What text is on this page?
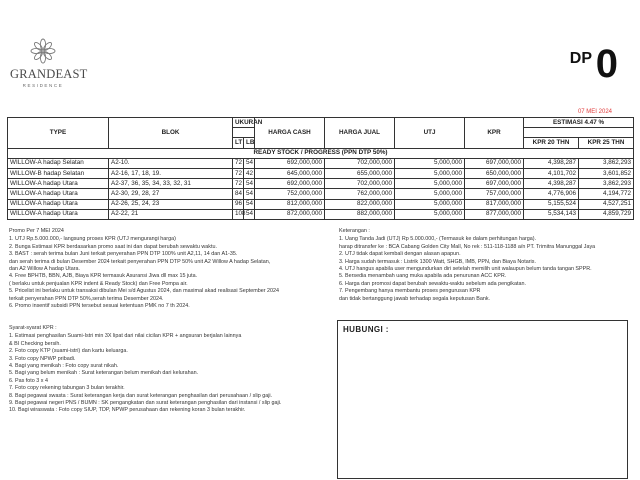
GRANDEAST
RESIDENCE
DP 0
07 MEI 2024
TYPE	BLOK	UKURAN		HARGA CASH	HARGA JUAL	UTJ	KPR	ESTIMASI 4.47 %	

		LT	LB					KPR 20 THN	KPR 25 THN
READY STOCK / PROGRESS (PPN DTP 50%)									
WILLOW-A hadap Selatan	A2-10.	72	54	692,000,000	702,000,000	5,000,000	697,000,000	4,398,287	3,862,293
WILLOW-B hadap Selatan	A2-16, 17, 18, 19.	72	42	645,000,000	655,000,000	5,000,000	650,000,000	4,101,702	3,601,852
WILLOW-A hadap Utara	A2-37, 36, 35, 34, 33, 32, 31	72	54	692,000,000	702,000,000	5,000,000	697,000,000	4,398,287	3,862,293
WILLOW-A hadap Utara	A2-30, 29, 28, 27	84	54	752,000,000	762,000,000	5,000,000	757,000,000	4,776,906	4,194,772
WILLOW-A hadap Utara	A2-26, 25, 24, 23	96	54	812,000,000	822,000,000	5,000,000	817,000,000	5,155,524	4,527,251
WILLOW-A hadap Utara	A2-22, 21	108	54	872,000,000	882,000,000	5,000,000	877,000,000	5,534,143	4,859,729
Promo Per 7 MEI 2024
1. UTJ Rp.5.000.000,- langsung proses KPR (UTJ mengurangi harga)
2. Bunga Estimasi KPR berdasarkan promo saat ini dan dapat berubah sewaktu waktu.
3. BAST : serah terima bulan Juni terkait penyerahan PPN DTP 100% unit A2,11, 14 dan A1-35.
dan serah terima di bulan Desember 2024 terkait penyerahan PPN DTP 50% unit A2 Willow A hadap Selatan,
dan A2 Willow A hadap Utara.
4. Free BPHTB, BBN, AJB, Biaya KPR termasuk Asuransi Jiwa dll max 15 juta.
( berlaku untuk penjualan KPR indent & Ready Stock) dan Free Pompa air.
5. Pricelist ini berlaku untuk transaksi dibulan Mei s/d Agustus 2024, dan maximal akad realisasi September 2024
terkait penyerahan PPN DTP 50%,serah terima Desember 2024.
6. Promo insentif subsidi PPN tersebut sesuai ketentuan PMK no 7 th 2024.
Syarat-syarat KPR :
1. Estimasi penghasilan Suami-Istri min 3X lipat dari nilai cicilan KPR + angsuran berjalan lainnya
& BI Checking bersih.
2. Foto copy KTP (suami-istri) dan kartu keluarga.
3. Foto copy NPWP pribadi.
4. Bagi yang menikah : Foto copy surat nikah.
5. Bagi yang belum menikah : Surat keterangan belum menikah dari kelurahan.
6. Pas foto 3 x 4
7. Foto copy rekening tabungan 3 bulan terakhir.
8. Bagi pegawai swasta : Surat keterangan kerja dan surat keterangan penghasilan dari perusahaan / slip gaji.
9. Bagi pegawai negeri PNS / BUMN : SK pengangkatan dan surat keterangan penghasilan dari instansi / slip gaji.
10. Bagi wiraswata : Foto copy SIUP, TDP, NPWP perusahaan dan rekening koran 3 bulan terakhir.
Keterangan :
1. Uang Tanda Jadi (UTJ) Rp 5.000.000,- (Termasuk ke dalam perhitungan harga).
harap ditransfer ke : BCA Cabang Golden City Mall, No rek : 511-118-1188 a/n PT. Trimitra Manunggal Jaya
2. UTJ tidak dapat kembali dengan alasan apapun.
3. Harga sudah termasuk : Listrik 1300 Watt, SHGB, IMB, PPN, dan Biaya Notaris.
4. UTJ hangus apabila user mengundurkan diri setelah memilih unit walaupun belum tanda tangan SPPR.
5. Bersedia menambah uang muka apabila ada penurunan ACC KPR.
6. Harga dan promosi dapat berubah sewaktu-waktu sebelum ada pengikatan.
7. Pengembang hanya membantu proses pengurusan KPR
dan tidak bertanggung jawab terhadap segala keputusan Bank.
HUBUNGI :
